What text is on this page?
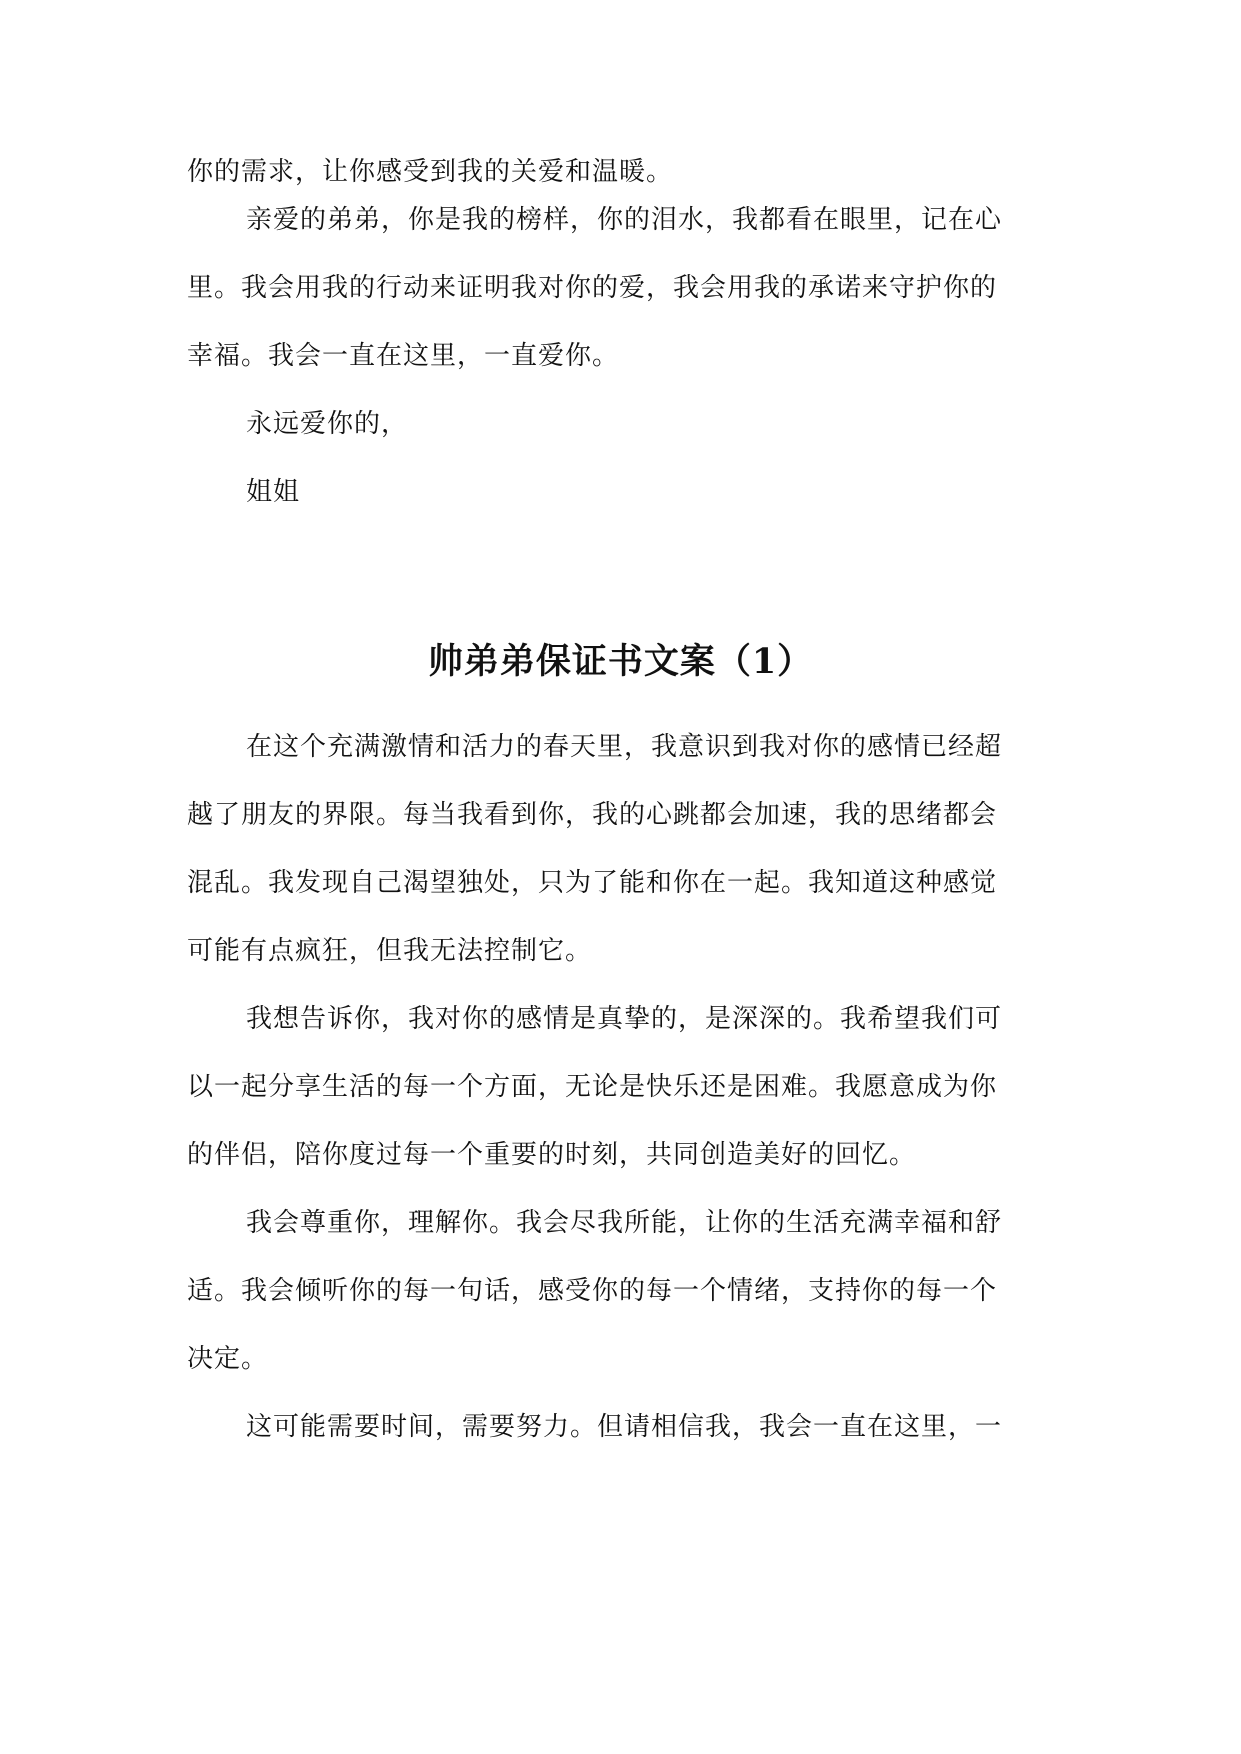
你的需求，让你感受到我的关爱和温暖。
亲爱的弟弟，你是我的榜样，你的泪水，我都看在眼里，记在心
里。我会用我的行动来证明我对你的爱，我会用我的承诺来守护你的
幸福。我会一直在这里，一直爱你。
永远爱你的，
姐姐
帅弟弟保证书文案（1）
在这个充满激情和活力的春天里，我意识到我对你的感情已经超
越了朋友的界限。每当我看到你，我的心跳都会加速，我的思绪都会
混乱。我发现自己渴望独处，只为了能和你在一起。我知道这种感觉
可能有点疯狂，但我无法控制它。
我想告诉你，我对你的感情是真挚的，是深深的。我希望我们可
以一起分享生活的每一个方面，无论是快乐还是困难。我愿意成为你
的伴侣，陪你度过每一个重要的时刻，共同创造美好的回忆。
我会尊重你，理解你。我会尽我所能，让你的生活充满幸福和舒
适。我会倾听你的每一句话，感受你的每一个情绪，支持你的每一个
决定。
这可能需要时间，需要努力。但请相信我，我会一直在这里，一
